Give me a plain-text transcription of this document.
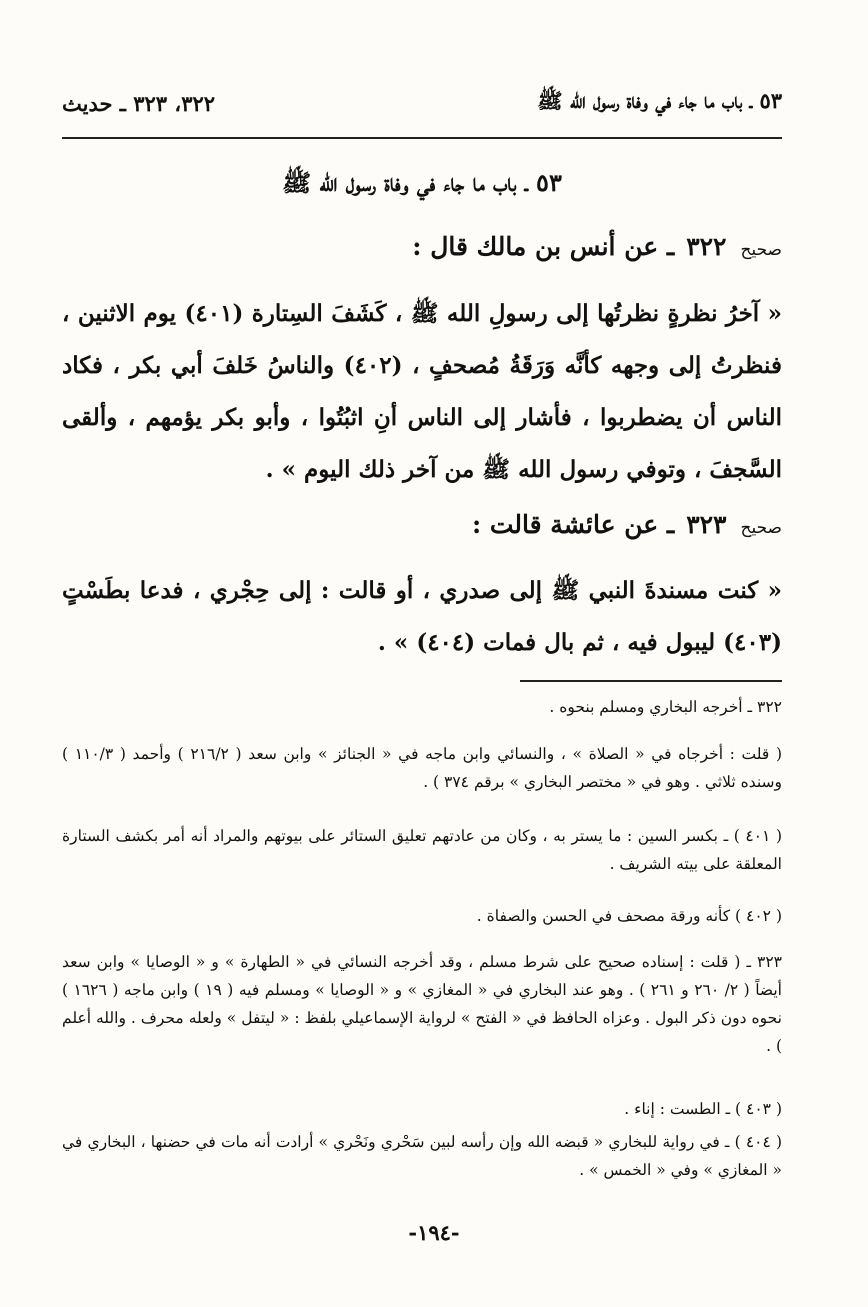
٣٢٢، ٣٢٣ ـ حديث	٥٣ ـ باب ما جاء في وفاة رسول الله ﷺ
٥٣ ـ باب ما جاء في وفاة رسول الله ﷺ
صحيح٣٢٢ـ عن أنس بن مالك قال :
« آخرُ نظرةٍ نظرتُها إلى رسولِ الله ﷺ ، كَشَفَ السِتارة (٤٠١) يوم الاثنين ، فنظرتُ إلى وجهه كأنَّه وَرَقَةُ مُصحفٍ ، (٤٠٢) والناسُ خَلفَ أبي بكر ، فكاد الناس أن يضطربوا ، فأشار إلى الناس أنِ اثبُتُوا ، وأبو بكر يؤمهم ، وألقى السَّجفَ ، وتوفي رسول الله ﷺ من آخر ذلك اليوم » .
صحيح٣٢٣ـ عن عائشة قالت :
« كنت مسندةَ النبي ﷺ إلى صدري ، أو قالت : إلى حِجْري ، فدعا بطَسْتٍ (٤٠٣) ليبول فيه ، ثم بال فمات (٤٠٤) » .
٣٢٢ ـ أخرجه البخاري ومسلم بنحوه .
( قلت : أخرجاه في « الصلاة » ، والنسائي وابن ماجه في « الجنائز » وابن سعد ( ٢١٦/٢ ) وأحمد ( ١١٠/٣ ) وسنده ثلاثي . وهو في « مختصر البخاري » برقم ٣٧٤ ) .
( ٤٠١ ) ـ بكسر السين : ما يستر به ، وكان من عادتهم تعليق الستائر على بيوتهم والمراد أنه أمر بكشف الستارة المعلقة على بيته الشريف .
( ٤٠٢ ) كأنه ورقة مصحف في الحسن والصفاة .
٣٢٣ ـ ( قلت : إسناده صحيح على شرط مسلم ، وقد أخرجه النسائي في « الطهارة » و « الوصايا » وابن سعد أيضاً ( ٢/ ٢٦٠ و ٢٦١ ) . وهو عند البخاري في « المغازي » و « الوصايا » ومسلم فيه ( ١٩ ) وابن ماجه ( ١٦٢٦ ) نحوه دون ذكر البول . وعزاه الحافظ في « الفتح » لرواية الإسماعيلي بلفظ : « ليتفل » ولعله محرف . والله أعلم ) .
( ٤٠٣ ) ـ الطست : إناء .
( ٤٠٤ ) ـ في رواية للبخاري « قبضه الله وإن رأسه لبين سَحْري ونَحْري » أرادت أنه مات في حضنها ، البخاري في « المغازي » وفي « الخمس » .
-١٩٤-
